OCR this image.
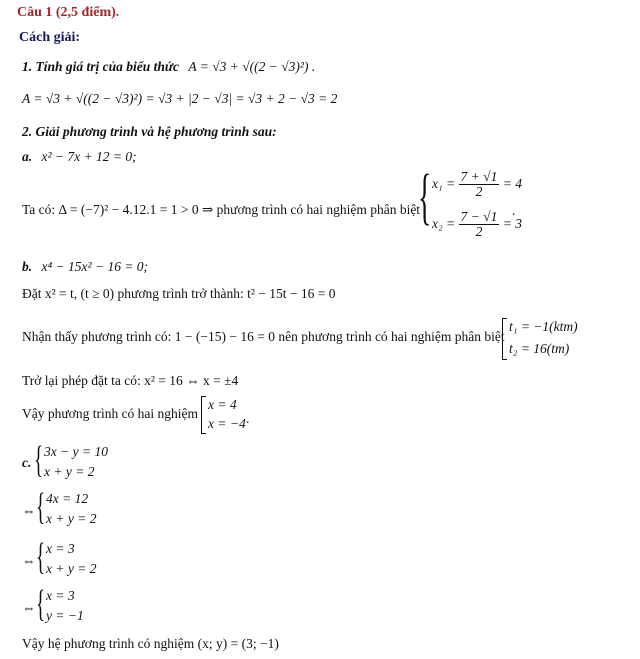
Câu 1 (2,5 điểm).
Cách giải:
1. Tính giá trị của biểu thức A = √3 + √((2 − √3)²) .
A = √3 + √((2 − √3)²) = √3 + |2 − √3| = √3 + 2 − √3 = 2
2. Giải phương trình và hệ phương trình sau:
a. x² − 7x + 12 = 0;
Ta có: Δ = (−7)² − 4.12.1 = 1 > 0 ⇒ phương trình có hai nghiệm phân biệt
{ $x_1 = \frac{7 + √1}{2} = 4$
$x_2 = \frac{7 - √1}{2} = 3$
.
b. x⁴ − 15x² − 16 = 0;
Đặt x² = t, (t ≥ 0) phương trình trở thành: t² − 15t − 16 = 0
Nhận thấy phương trình có: 1 − (−15) − 16 = 0 nên phương trình có hai nghiệm phân biệt
t₁ = −1(ktm)
t₂ = 16(tm)
Trở lại phép đặt ta có: x² = 16 ⇔ x = ±4
Vậy phương trình có hai nghiệm
x = 4
x = −4 .
c. { 3x − y = 10
x + y = 2
⇔ { 4x = 12
x + y = 2
⇔ { x = 3
x + y = 2
⇔ { x = 3
y = −1
Vậy hệ phương trình có nghiệm (x; y) = (3; −1)
